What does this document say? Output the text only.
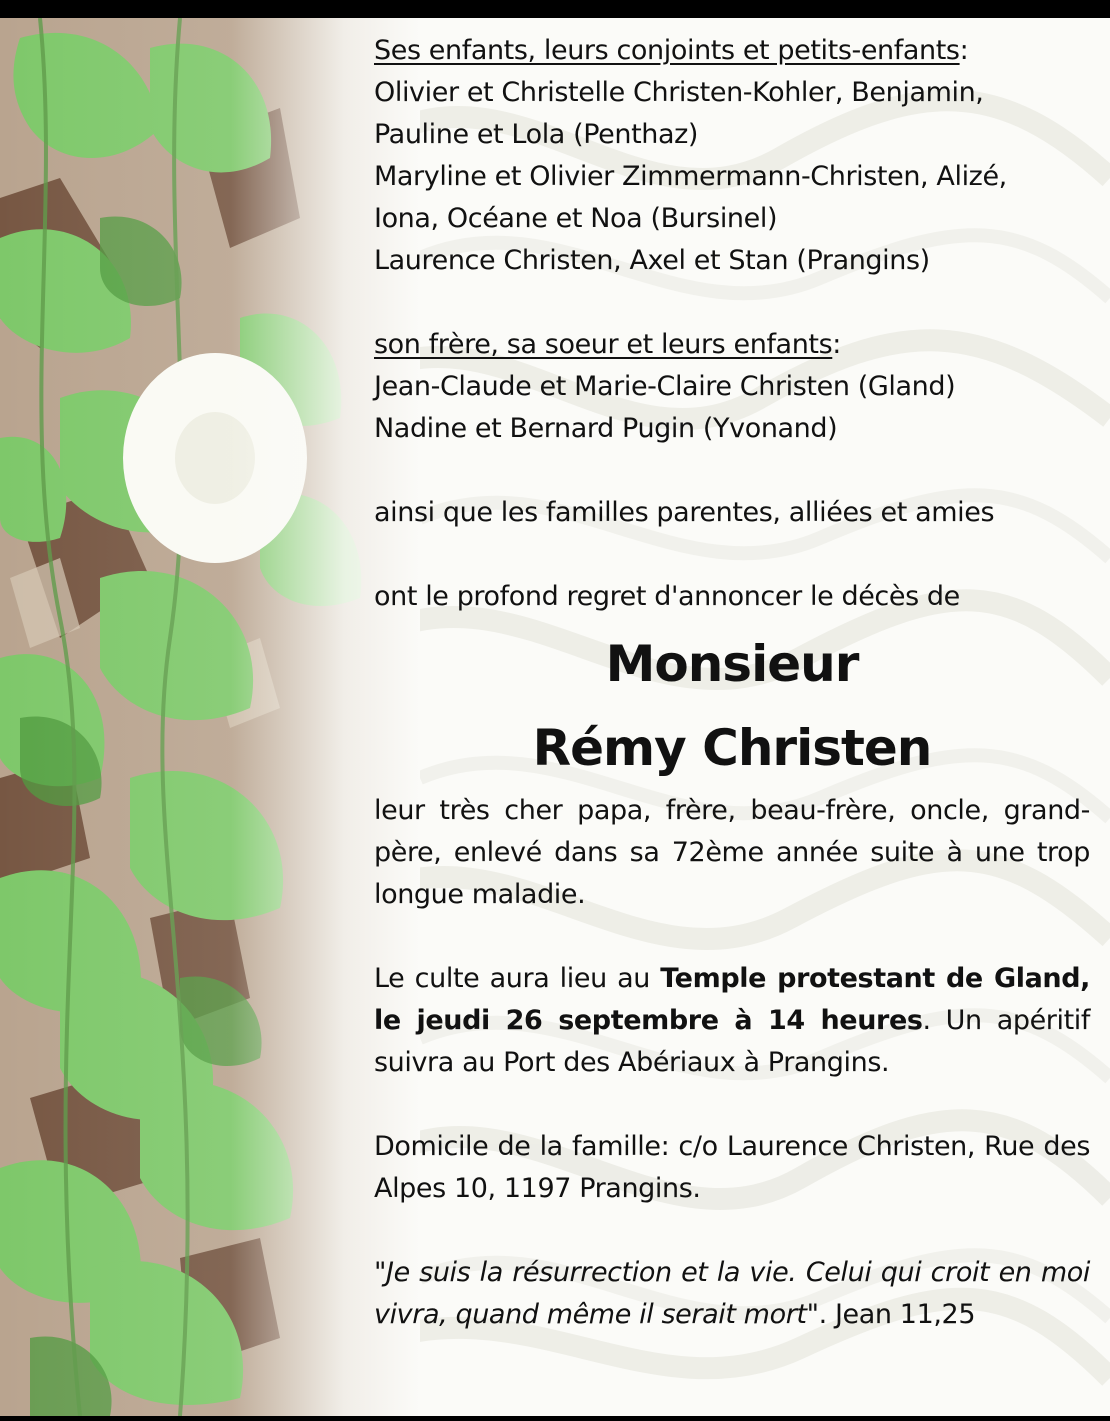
Ses enfants, leurs conjoints et petits-enfants:

Olivier et Christelle Christen-Kohler, Benjamin,

Pauline et Lola (Penthaz)

Maryline et Olivier Zimmermann-Christen, Alizé,

Iona, Océane et Noa (Bursinel)

Laurence Christen, Axel et Stan (Prangins)

son frère, sa soeur et leurs enfants:

Jean-Claude et Marie-Claire Christen (Gland)

Nadine et Bernard Pugin (Yvonand)

ainsi que les familles parentes, alliées et amies

ont le profond regret d'annoncer le décès de

Monsieur

Rémy Christen

leur très cher papa, frère, beau-frère, oncle, grand-père, enlevé dans sa 72ème année suite à une trop longue maladie.

Le culte aura lieu au Temple protestant de Gland, le jeudi 26 septembre à 14 heures. Un apéritif suivra au Port des Abériaux à Prangins.

Domicile de la famille: c/o Laurence Christen, Rue des Alpes 10, 1197 Prangins.

"Je suis la résurrection et la vie. Celui qui croit en moi vivra, quand même il serait mort". Jean 11,25
